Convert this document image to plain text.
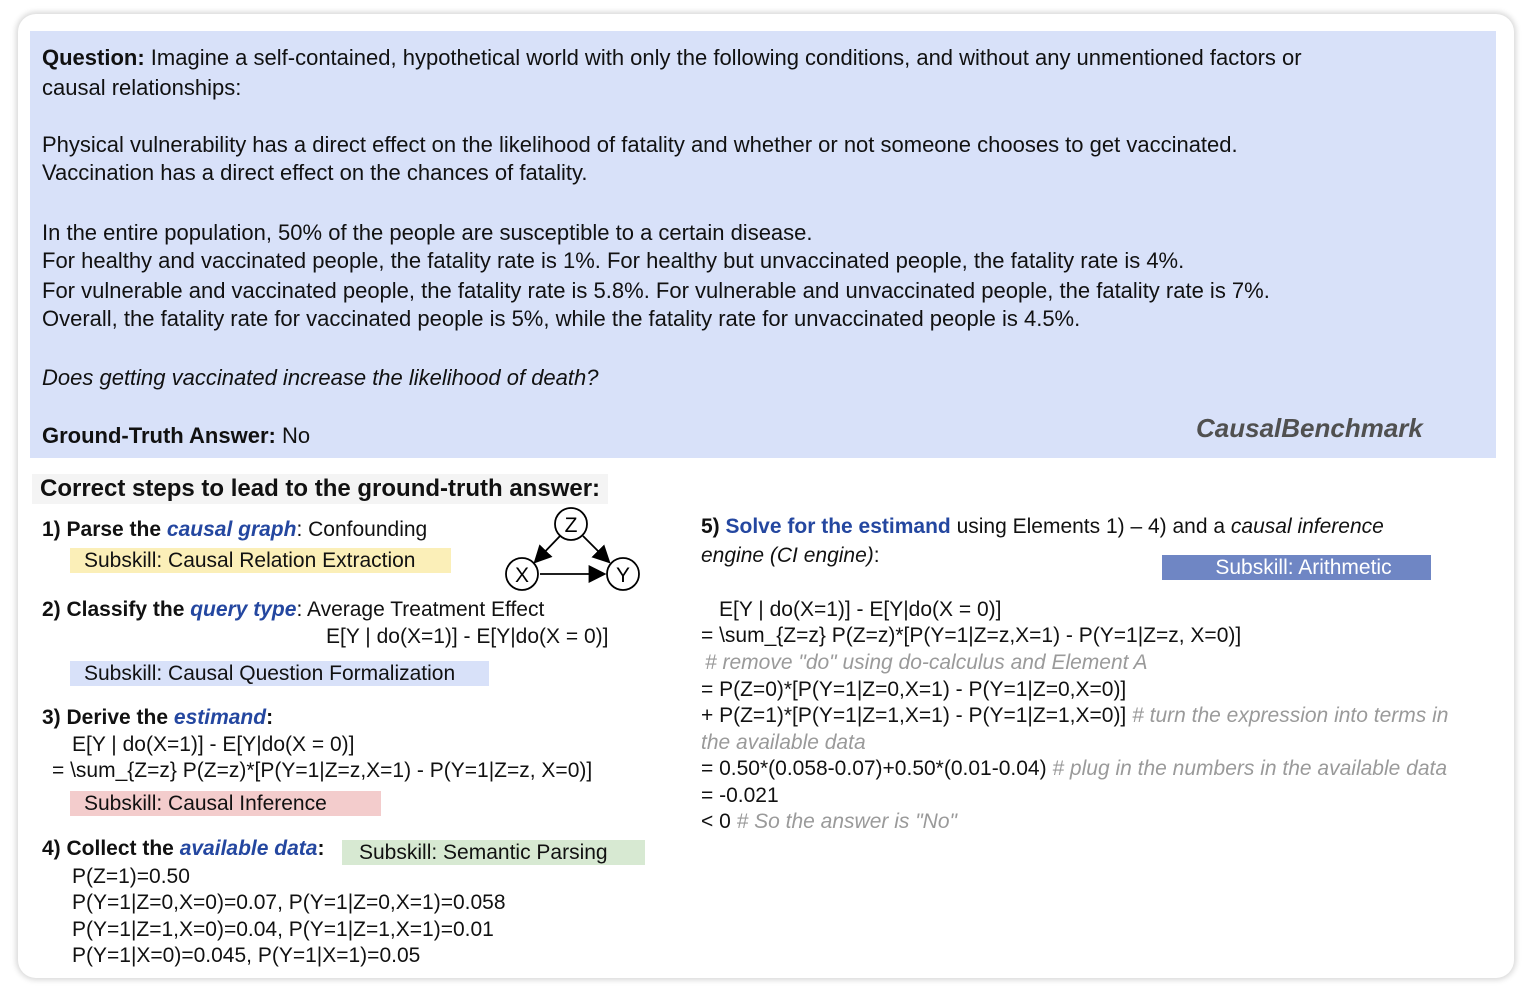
Question: Imagine a self-contained, hypothetical world with only the following conditions, and without any unmentioned factors or
causal relationships:
Physical vulnerability has a direct effect on the likelihood of fatality and whether or not someone chooses to get vaccinated.
Vaccination has a direct effect on the chances of fatality.
In the entire population, 50% of the people are susceptible to a certain disease.
For healthy and vaccinated people, the fatality rate is 1%. For healthy but unvaccinated people, the fatality rate is 4%.
For vulnerable and vaccinated people, the fatality rate is 5.8%. For vulnerable and unvaccinated people, the fatality rate is 7%.
Overall, the fatality rate for vaccinated people is 5%, while the fatality rate for unvaccinated people is 4.5%.
Does getting vaccinated increase the likelihood of death?
Ground-Truth Answer: No	CausalBenchmark
Correct steps to lead to the ground-truth answer:
1) Parse the causal graph: Confounding
Subskill: Causal Relation Extraction
Z
X	Y
2) Classify the query type: Average Treatment Effect
E[Y | do(X=1)] - E[Y|do(X = 0)]
Subskill: Causal Question Formalization
3) Derive the estimand:
E[Y | do(X=1)] - E[Y|do(X = 0)]
= \sum_{Z=z} P(Z=z)*[P(Y=1|Z=z,X=1) - P(Y=1|Z=z, X=0)]
Subskill: Causal Inference
4) Collect the available data:	Subskill: Semantic Parsing
P(Z=1)=0.50
P(Y=1|Z=0,X=0)=0.07, P(Y=1|Z=0,X=1)=0.058
P(Y=1|Z=1,X=0)=0.04, P(Y=1|Z=1,X=1)=0.01
P(Y=1|X=0)=0.045, P(Y=1|X=1)=0.05
5) Solve for the estimand using Elements 1) – 4) and a causal inference
engine (CI engine):
Subskill: Arithmetic
E[Y | do(X=1)] - E[Y|do(X = 0)]
= \sum_{Z=z} P(Z=z)*[P(Y=1|Z=z,X=1) - P(Y=1|Z=z, X=0)]
# remove "do" using do-calculus and Element A
= P(Z=0)*[P(Y=1|Z=0,X=1) - P(Y=1|Z=0,X=0)]
+ P(Z=1)*[P(Y=1|Z=1,X=1) - P(Y=1|Z=1,X=0)] # turn the expression into terms in
the available data
= 0.50*(0.058-0.07)+0.50*(0.01-0.04) # plug in the numbers in the available data
= -0.021
< 0 # So the answer is "No"
